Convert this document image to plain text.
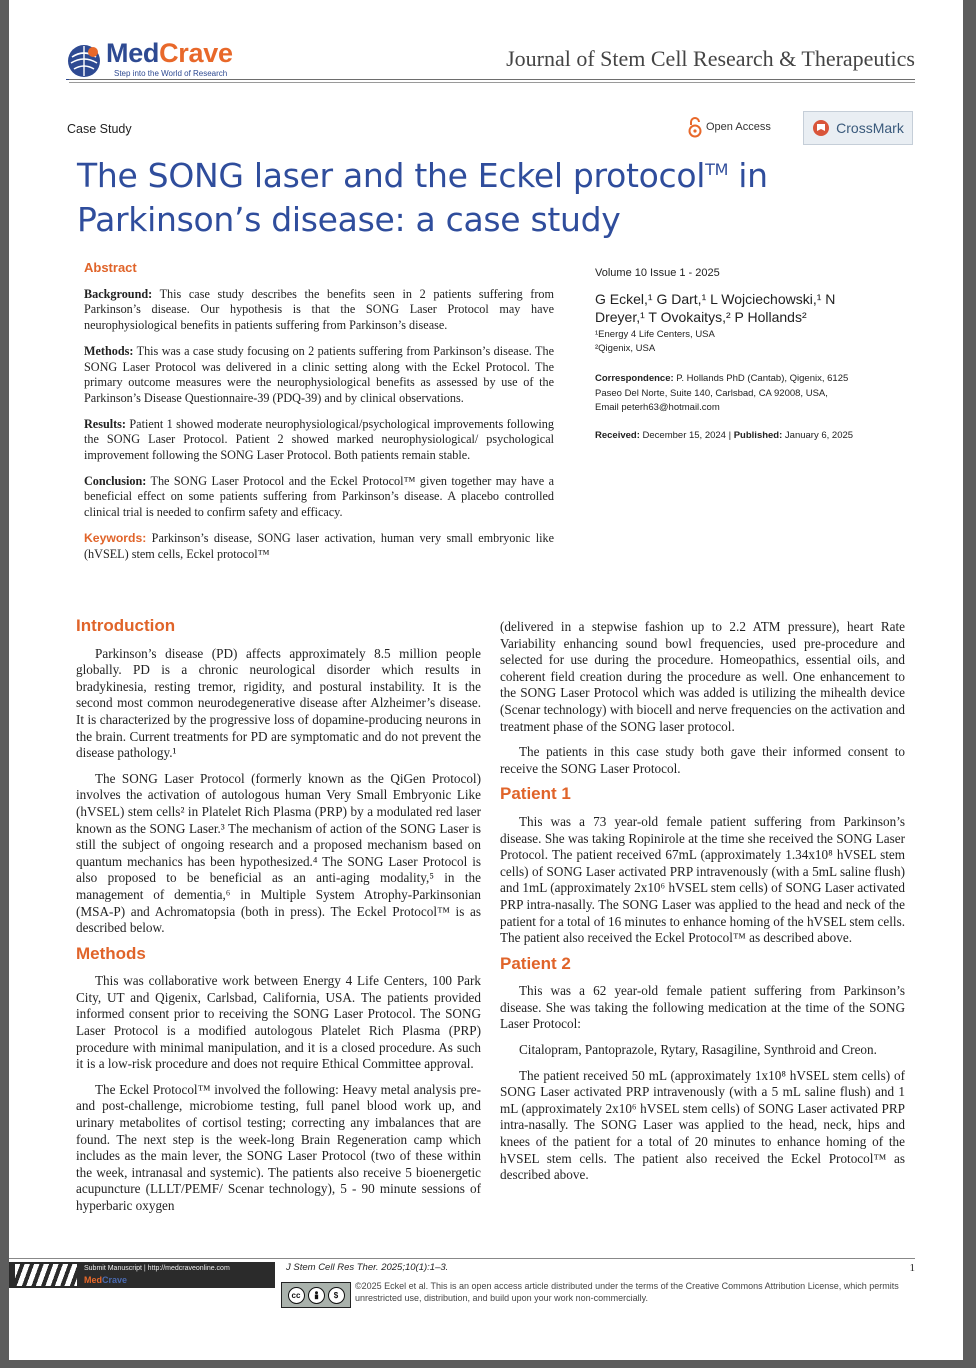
MedCrave
Step into the World of Research
Journal of Stem Cell Research & Therapeutics
Case Study	Open Access	CrossMark
The SONG laser and the Eckel protocol™ in
Parkinson’s disease: a case study
Abstract

Background: This case study describes the benefits seen in 2 patients suffering from Parkinson’s disease. Our hypothesis is that the SONG Laser Protocol may have neurophysiological benefits in patients suffering from Parkinson’s disease.

Methods: This was a case study focusing on 2 patients suffering from Parkinson’s disease. The SONG Laser Protocol was delivered in a clinic setting along with the Eckel Protocol. The primary outcome measures were the neurophysiological benefits as assessed by use of the Parkinson’s Disease Questionnaire-39 (PDQ-39) and by clinical observations.

Results: Patient 1 showed moderate neurophysiological/psychological improvements following the SONG Laser Protocol. Patient 2 showed marked neurophysiological/ psychological improvement following the SONG Laser Protocol. Both patients remain stable.

Conclusion: The SONG Laser Protocol and the Eckel Protocol™ given together may have a beneficial effect on some patients suffering from Parkinson’s disease. A placebo controlled clinical trial is needed to confirm safety and efficacy.

Keywords: Parkinson’s disease, SONG laser activation, human very small embryonic like (hVSEL) stem cells, Eckel protocol™

Volume 10 Issue 1 - 2025
G Eckel,¹ G Dart,¹ L Wojciechowski,¹ N
Dreyer,¹ T Ovokaitys,² P Hollands²
¹Energy 4 Life Centers, USA
²Qigenix, USA
Correspondence: P. Hollands PhD (Cantab), Qigenix, 6125
Paseo Del Norte, Suite 140, Carlsbad, CA 92008, USA,
Email peterh63@hotmail.com
Received: December 15, 2024 | Published: January 6, 2025
Introduction

Parkinson’s disease (PD) affects approximately 8.5 million people globally. PD is a chronic neurological disorder which results in bradykinesia, resting tremor, rigidity, and postural instability. It is the second most common neurodegenerative disease after Alzheimer’s disease. It is characterized by the progressive loss of dopamine-producing neurons in the brain. Current treatments for PD are symptomatic and do not prevent the disease pathology.¹

The SONG Laser Protocol (formerly known as the QiGen Protocol) involves the activation of autologous human Very Small Embryonic Like (hVSEL) stem cells² in Platelet Rich Plasma (PRP) by a modulated red laser known as the SONG Laser.³ The mechanism of action of the SONG Laser is still the subject of ongoing research and a proposed mechanism based on quantum mechanics has been hypothesized.⁴ The SONG Laser Protocol is also proposed to be beneficial as an anti-aging modality,⁵ in the management of dementia,⁶ in Multiple System Atrophy-Parkinsonian (MSA-P) and Achromatopsia (both in press). The Eckel Protocol™ is as described below.

Methods

This was collaborative work between Energy 4 Life Centers, 100 Park City, UT and Qigenix, Carlsbad, California, USA. The patients provided informed consent prior to receiving the SONG Laser Protocol. The SONG Laser Protocol is a modified autologous Platelet Rich Plasma (PRP) procedure with minimal manipulation, and it is a closed procedure. As such it is a low-risk procedure and does not require Ethical Committee approval.

The Eckel Protocol™ involved the following: Heavy metal analysis pre- and post-challenge, microbiome testing, full panel blood work up, and urinary metabolites of cortisol testing; correcting any imbalances that are found. The next step is the week-long Brain Regeneration camp which includes as the main lever, the SONG Laser Protocol (two of these within the week, intranasal and systemic). The patients also receive 5 bioenergetic acupuncture (LLLT/PEMF/ Scenar technology), 5 - 90 minute sessions of hyperbaric oxygen

(delivered in a stepwise fashion up to 2.2 ATM pressure), heart Rate Variability enhancing sound bowl frequencies, used pre-procedure and selected for use during the procedure. Homeopathics, essential oils, and coherent field creation during the procedure as well. One enhancement to the SONG Laser Protocol which was added is utilizing the mihealth device (Scenar technology) with biocell and nerve frequencies on the activation and treatment phase of the SONG laser protocol.

The patients in this case study both gave their informed consent to receive the SONG Laser Protocol.

Patient 1

This was a 73 year-old female patient suffering from Parkinson’s disease. She was taking Ropinirole at the time she received the SONG Laser Protocol. The patient received 67mL (approximately 1.34x10⁸ hVSEL stem cells) of SONG Laser activated PRP intravenously (with a 5mL saline flush) and 1mL (approximately 2x10⁶ hVSEL stem cells) of SONG Laser activated PRP intra-nasally. The SONG Laser was applied to the head and neck of the patient for a total of 16 minutes to enhance homing of the hVSEL stem cells. The patient also received the Eckel Protocol™ as described above.

Patient 2

This was a 62 year-old female patient suffering from Parkinson’s disease. She was taking the following medication at the time of the SONG Laser Protocol:

Citalopram, Pantoprazole, Rytary, Rasagiline, Synthroid and Creon.

The patient received 50 mL (approximately 1x10⁸ hVSEL stem cells) of SONG Laser activated PRP intravenously (with a 5 mL saline flush) and 1 mL (approximately 2x10⁶ hVSEL stem cells) of SONG Laser activated PRP intra-nasally. The SONG Laser was applied to the head, neck, hips and knees of the patient for a total of 20 minutes to enhance homing of the hVSEL stem cells. The patient also received the Eckel Protocol™ as described above.

Submit Manuscript | http://medcraveonline.com
MedCrave
J Stem Cell Res Ther. 2025;10(1):1‒3.	1
cc	$
©2025 Eckel et al. This is an open access article distributed under the terms of the Creative Commons Attribution License, which permits unrestricted use, distribution, and build upon your work non-commercially.
